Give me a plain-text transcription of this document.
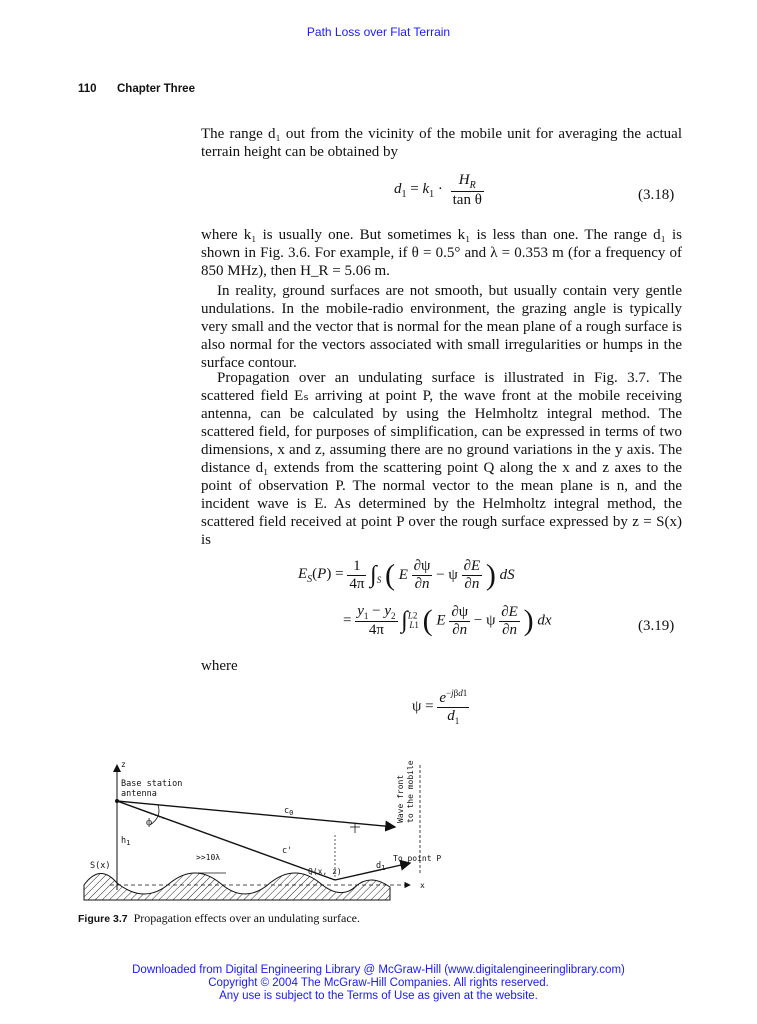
Path Loss over Flat Terrain
110 Chapter Three

The range d₁ out from the vicinity of the mobile unit for averaging the actual terrain height can be obtained by

$d_1 = k_1 \cdot \frac{H_R}{\text{tan θ}}$	(3.18)

where k₁ is usually one. But sometimes k₁ is less than one. The range d₁ is shown in Fig. 3.6. For example, if θ = 0.5° and λ = 0.353 m (for a frequency of 850 MHz), then H_R = 5.06 m.

In reality, ground surfaces are not smooth, but usually contain very gentle undulations. In the mobile-radio environment, the grazing angle is typically very small and the vector that is normal for the mean plane of a rough surface is also normal for the vectors associated with small irregularities or humps in the surface contour.

Propagation over an undulating surface is illustrated in Fig. 3.7. The scattered field Eₛ arriving at point P, the wave front at the mobile receiving antenna, can be calculated by using the Helmholtz integral method. The scattered field, for purposes of simplification, can be expressed in terms of two dimensions, x and z, assuming there are no ground variations in the y axis. The distance d₁ extends from the scattering point Q along the x and z axes to the point of observation P. The normal vector to the mean plane is n, and the incident wave is E. As determined by the Helmholtz integral method, the scattered field received at point P over the rough surface expressed by z = S(x) is

$E_S(P) = \frac{1}{4\pi} \int_S$ ( E $\frac{\partial\psi}{\partial n} - \psi \frac{\partial E}{\partial n}$ ) dS
= $\frac{y_1 - y_2}{4\pi} \int^{L2}_{L1}$ ( E $\frac{\partial\psi}{\partial n} - \psi \frac{\partial E}{\partial n}$ ) dx	(3.19)
where
$\psi = \frac{e^{-j\beta d1}}{d_1}$
z
Base station
antenna
$c_0$
c'
ϕ
$h_1$
S(x)
>>10λ
x
Q(x, z)
$d_1$
To point P
Wave frontto the mobile
Figure 3.7 Propagation effects over an undulating surface.
Downloaded from Digital Engineering Library @ McGraw-Hill (www.digitalengineeringlibrary.com)
Copyright © 2004 The McGraw-Hill Companies. All rights reserved.
Any use is subject to the Terms of Use as given at the website.
